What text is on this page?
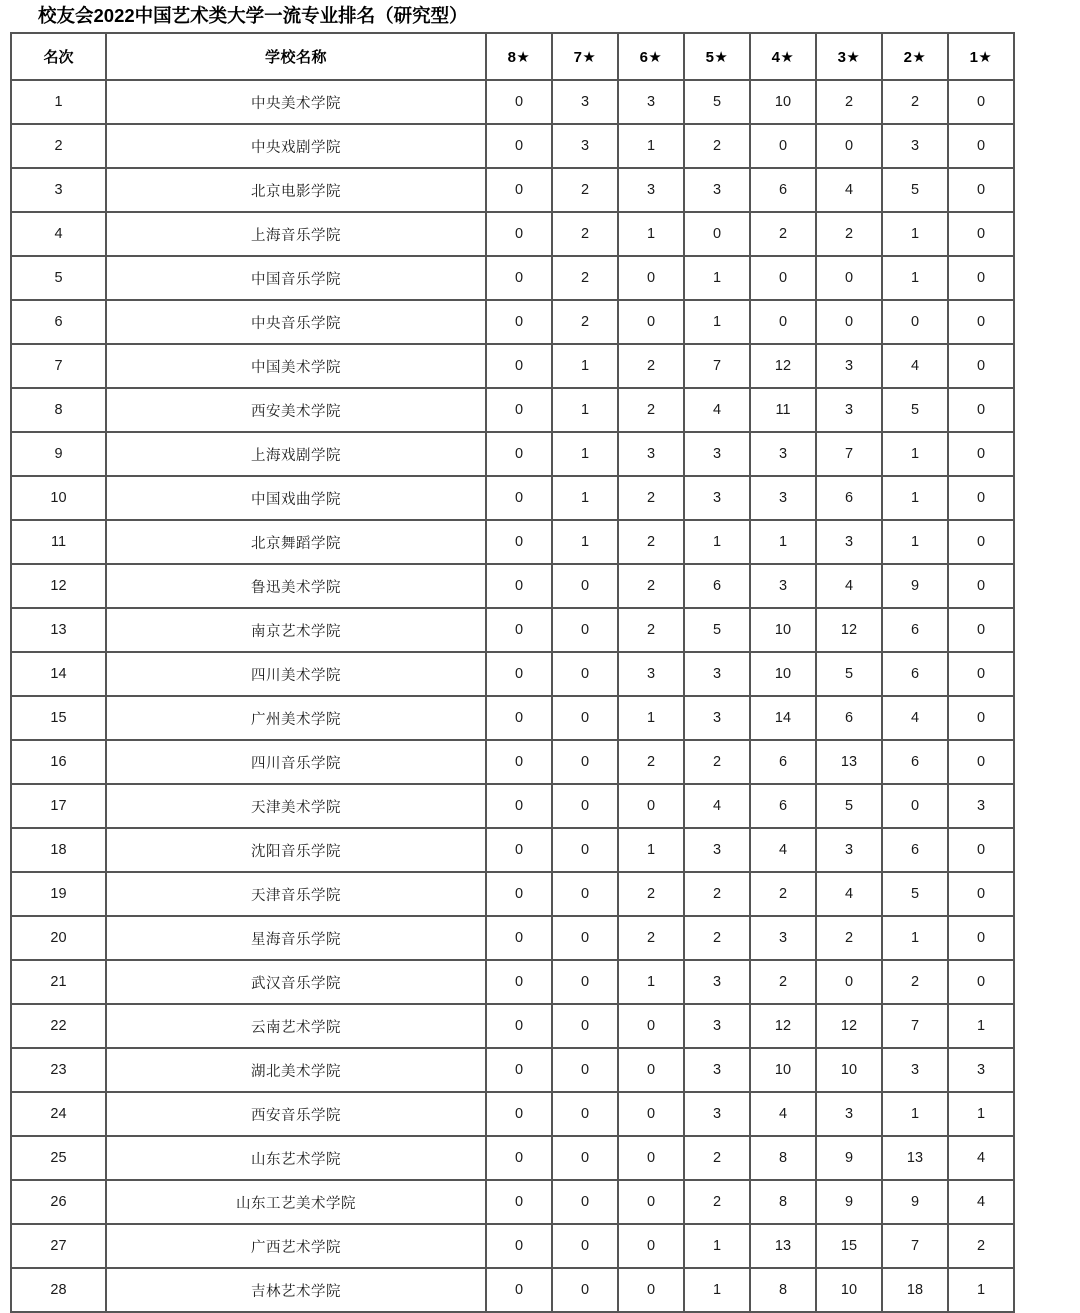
校友会2022中国艺术类大学一流专业排名（研究型）
名次	学校名称	8★	7★	6★	5★	4★	3★	2★	1★
1	中央美术学院	0	3	3	5	10	2	2	0
2	中央戏剧学院	0	3	1	2	0	0	3	0
3	北京电影学院	0	2	3	3	6	4	5	0
4	上海音乐学院	0	2	1	0	2	2	1	0
5	中国音乐学院	0	2	0	1	0	0	1	0
6	中央音乐学院	0	2	0	1	0	0	0	0
7	中国美术学院	0	1	2	7	12	3	4	0
8	西安美术学院	0	1	2	4	11	3	5	0
9	上海戏剧学院	0	1	3	3	3	7	1	0
10	中国戏曲学院	0	1	2	3	3	6	1	0
11	北京舞蹈学院	0	1	2	1	1	3	1	0
12	鲁迅美术学院	0	0	2	6	3	4	9	0
13	南京艺术学院	0	0	2	5	10	12	6	0
14	四川美术学院	0	0	3	3	10	5	6	0
15	广州美术学院	0	0	1	3	14	6	4	0
16	四川音乐学院	0	0	2	2	6	13	6	0
17	天津美术学院	0	0	0	4	6	5	0	3
18	沈阳音乐学院	0	0	1	3	4	3	6	0
19	天津音乐学院	0	0	2	2	2	4	5	0
20	星海音乐学院	0	0	2	2	3	2	1	0
21	武汉音乐学院	0	0	1	3	2	0	2	0
22	云南艺术学院	0	0	0	3	12	12	7	1
23	湖北美术学院	0	0	0	3	10	10	3	3
24	西安音乐学院	0	0	0	3	4	3	1	1
25	山东艺术学院	0	0	0	2	8	9	13	4
26	山东工艺美术学院	0	0	0	2	8	9	9	4
27	广西艺术学院	0	0	0	1	13	15	7	2
28	吉林艺术学院	0	0	0	1	8	10	18	1
